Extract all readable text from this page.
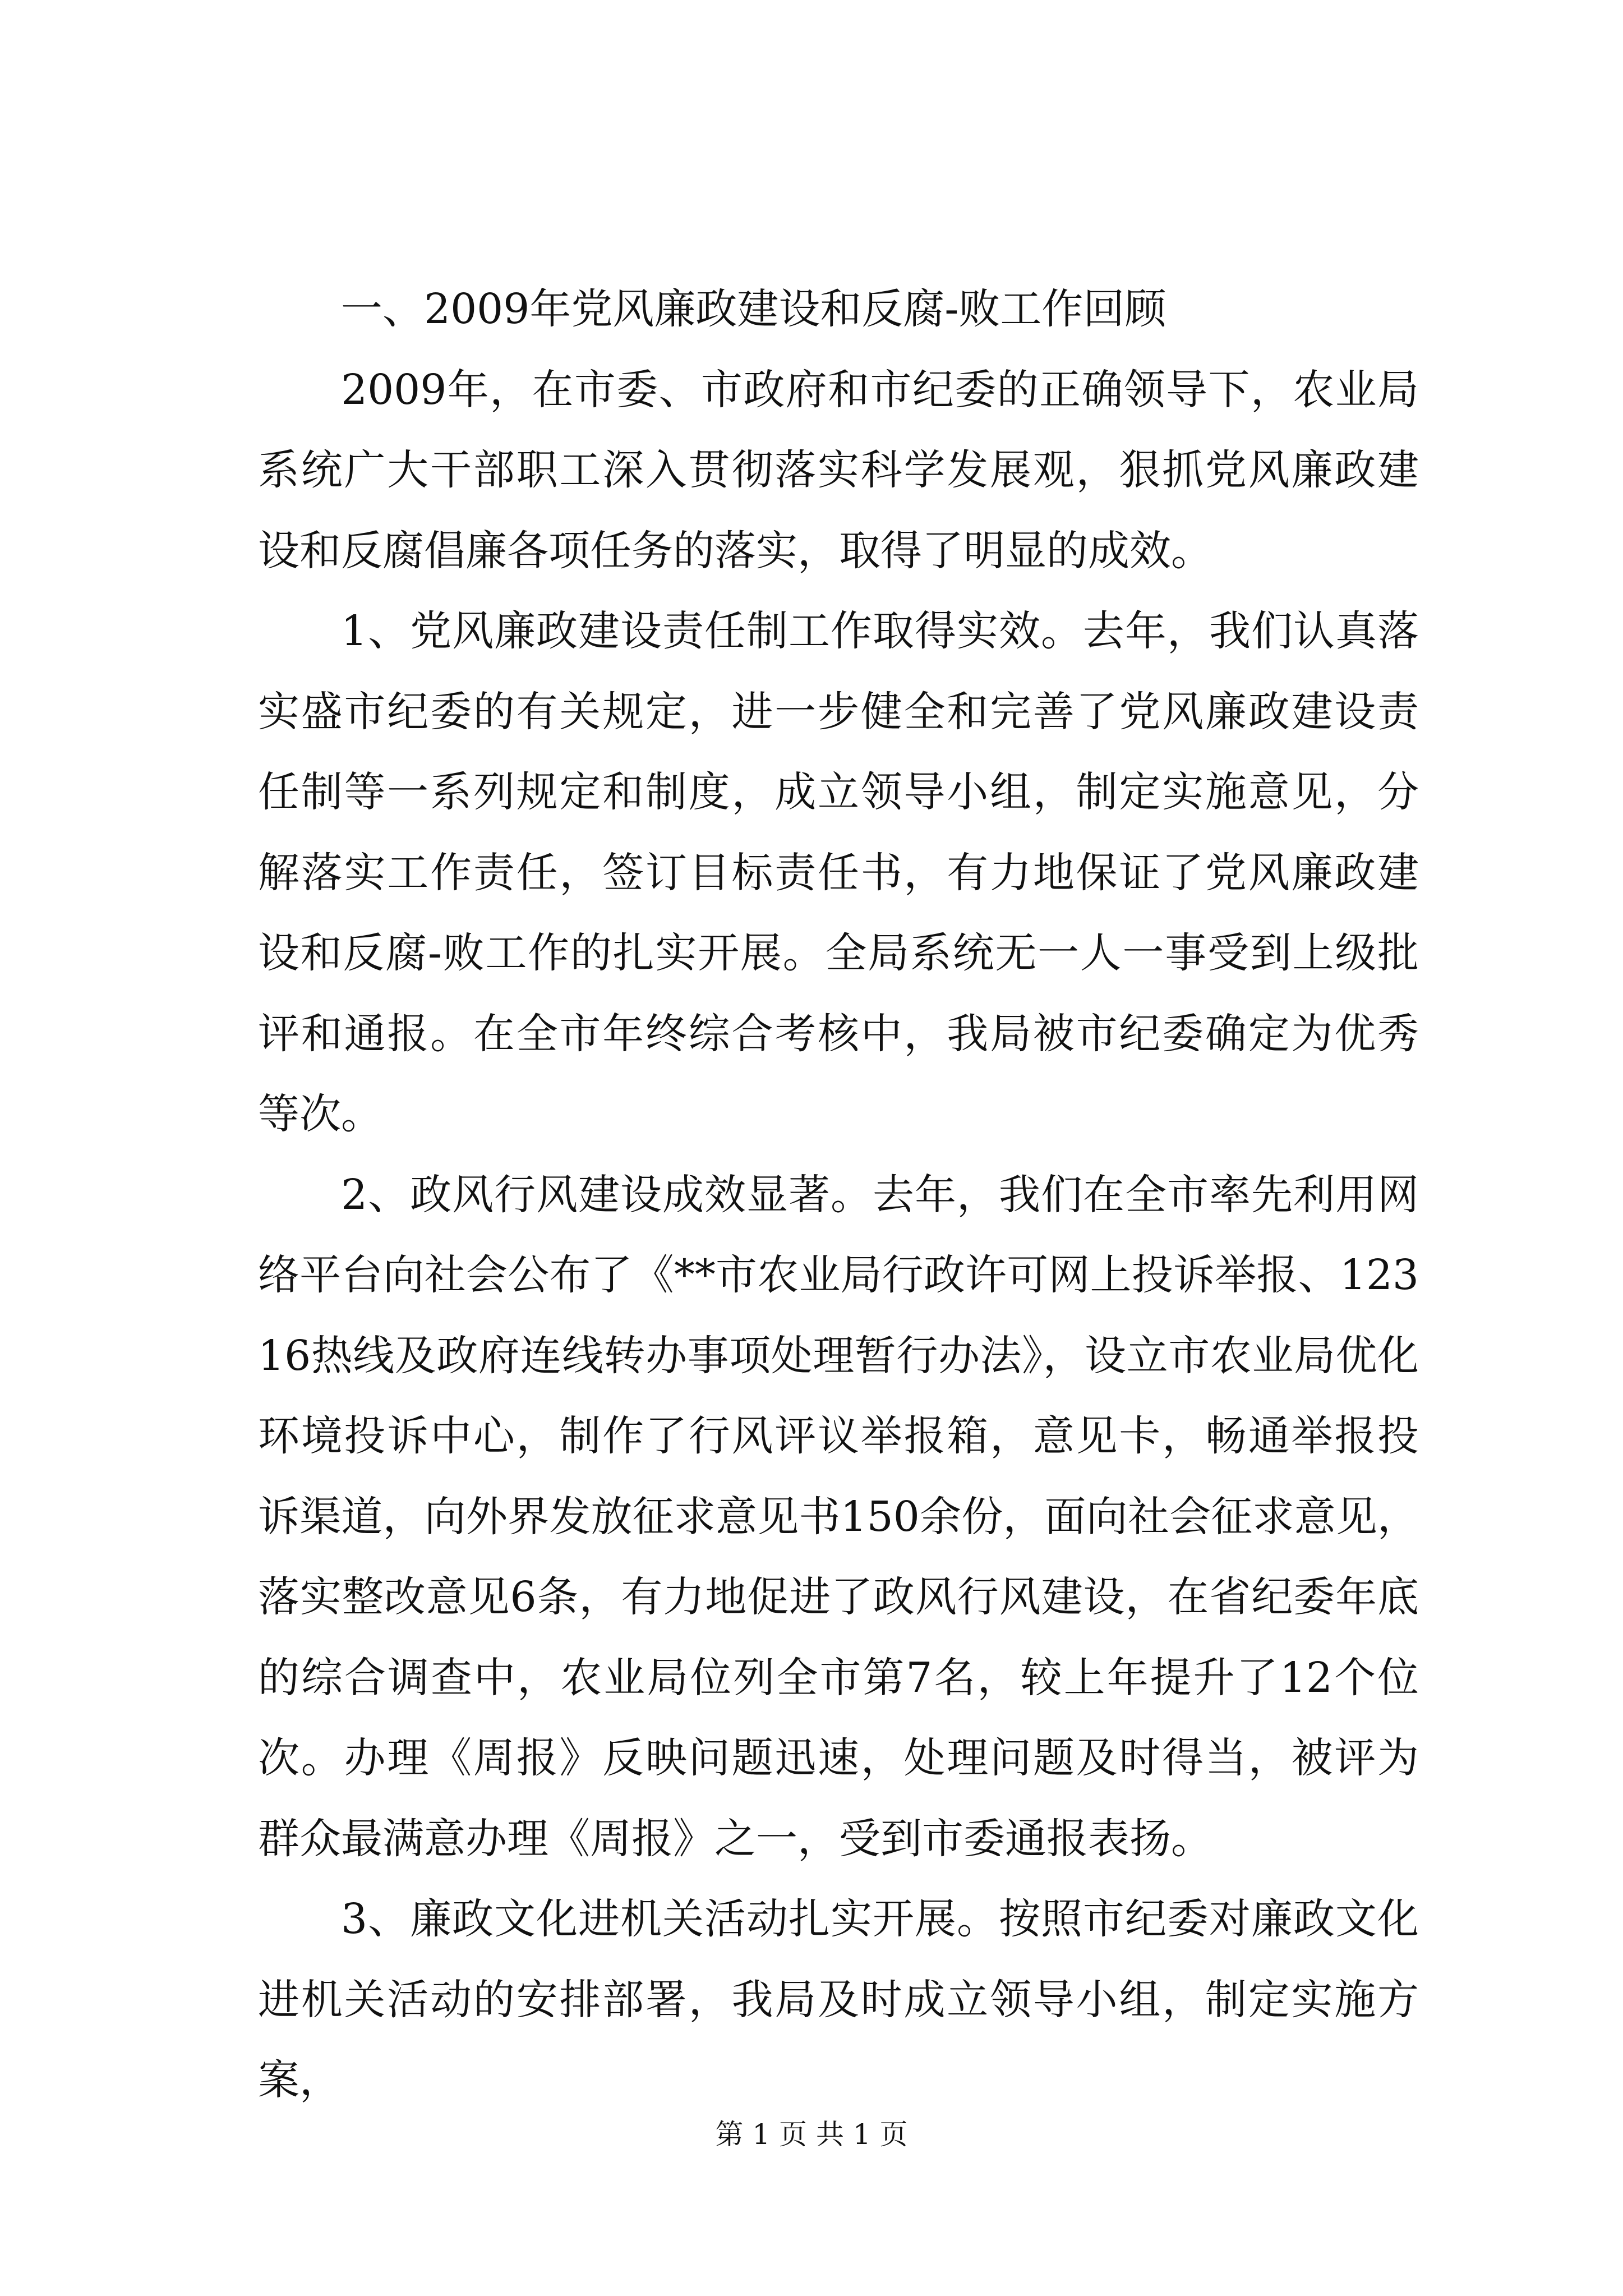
一、2009年党风廉政建设和反腐-败工作回顾

2009年，在市委、市政府和市纪委的正确领导下，农业局系统广大干部职工深入贯彻落实科学发展观，狠抓党风廉政建设和反腐倡廉各项任务的落实，取得了明显的成效。

1、党风廉政建设责任制工作取得实效。去年，我们认真落实盛市纪委的有关规定，进一步健全和完善了党风廉政建设责任制等一系列规定和制度，成立领导小组，制定实施意见，分解落实工作责任，签订目标责任书，有力地保证了党风廉政建设和反腐-败工作的扎实开展。全局系统无一人一事受到上级批评和通报。在全市年终综合考核中，我局被市纪委确定为优秀等次。

2、政风行风建设成效显著。去年，我们在全市率先利用网络平台向社会公布了《**市农业局行政许可网上投诉举报、12316热线及政府连线转办事项处理暂行办法》，设立市农业局优化环境投诉中心，制作了行风评议举报箱，意见卡，畅通举报投诉渠道，向外界发放征求意见书150余份，面向社会征求意见，落实整改意见6条，有力地促进了政风行风建设，在省纪委年底的综合调查中，农业局位列全市第7名，较上年提升了12个位次。办理《周报》反映问题迅速，处理问题及时得当，被评为群众最满意办理《周报》之一，受到市委通报表扬。

3、廉政文化进机关活动扎实开展。按照市纪委对廉政文化进机关活动的安排部署，我局及时成立领导小组，制定实施方案，

第 1 页 共 1 页
